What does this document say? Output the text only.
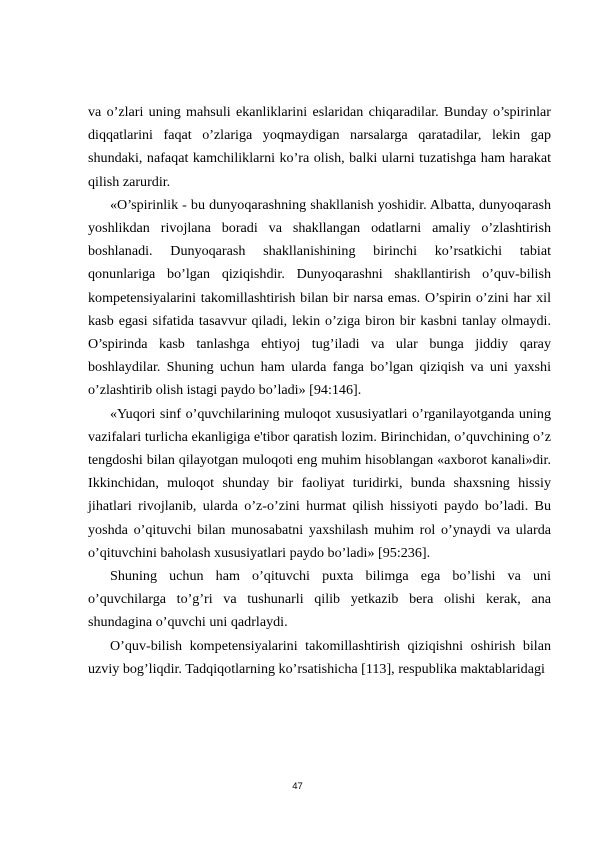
va o’zlari uning mahsuli ekanliklarini eslaridan chiqaradilar. Bunday o’spirinlar diqqatlarini faqat o’zlariga yoqmaydigan narsalarga qaratadilar, lekin gap shundaki, nafaqat kamchiliklarni ko’ra olish, balki ularni tuzatishga ham harakat qilish zarurdir.

«O’spirinlik - bu dunyoqarashning shakllanish yoshidir. Albatta, dunyoqarash yoshlikdan rivojlana boradi va shakllangan odatlarni amaliy o’zlashtirish boshlanadi. Dunyoqarash shakllanishining birinchi ko’rsatkichi tabiat qonunlariga bo’lgan qiziqishdir. Dunyoqarashni shakllantirish o’quv-bilish kompetensiyalarini takomillashtirish bilan bir narsa emas. O’spirin o’zini har xil kasb egasi sifatida tasavvur qiladi, lekin o’ziga biron bir kasbni tanlay olmaydi. O’spirinda kasb tanlashga ehtiyoj tug’iladi va ular bunga jiddiy qaray boshlaydilar. Shuning uchun ham ularda fanga bo’lgan qiziqish va uni yaxshi o’zlashtirib olish istagi paydo bo’ladi» [94:146].

«Yuqori sinf o’quvchilarining muloqot xususiyatlari o’rganilayotganda uning vazifalari turlicha ekanligiga e'tibor qaratish lozim. Birinchidan, o’quvchining o’z tengdoshi bilan qilayotgan muloqoti eng muhim hisoblangan «axborot kanali»dir. Ikkinchidan, muloqot shunday bir faoliyat turidirki, bunda shaxsning hissiy jihatlari rivojlanib, ularda o’z-o’zini hurmat qilish hissiyoti paydo bo’ladi. Bu yoshda o’qituvchi bilan munosabatni yaxshilash muhim rol o’ynaydi va ularda o’qituvchini baholash xususiyatlari paydo bo’ladi» [95:236].

Shuning uchun ham o’qituvchi puxta bilimga ega bo’lishi va uni o’quvchilarga to’g’ri va tushunarli qilib yetkazib bera olishi kerak, ana shundagina o’quvchi uni qadrlaydi.

O’quv-bilish kompetensiyalarini takomillashtirish qiziqishni oshirish bilan uzviy bog’liqdir. Tadqiqotlarning ko’rsatishicha [113], respublika maktablaridagi

47
